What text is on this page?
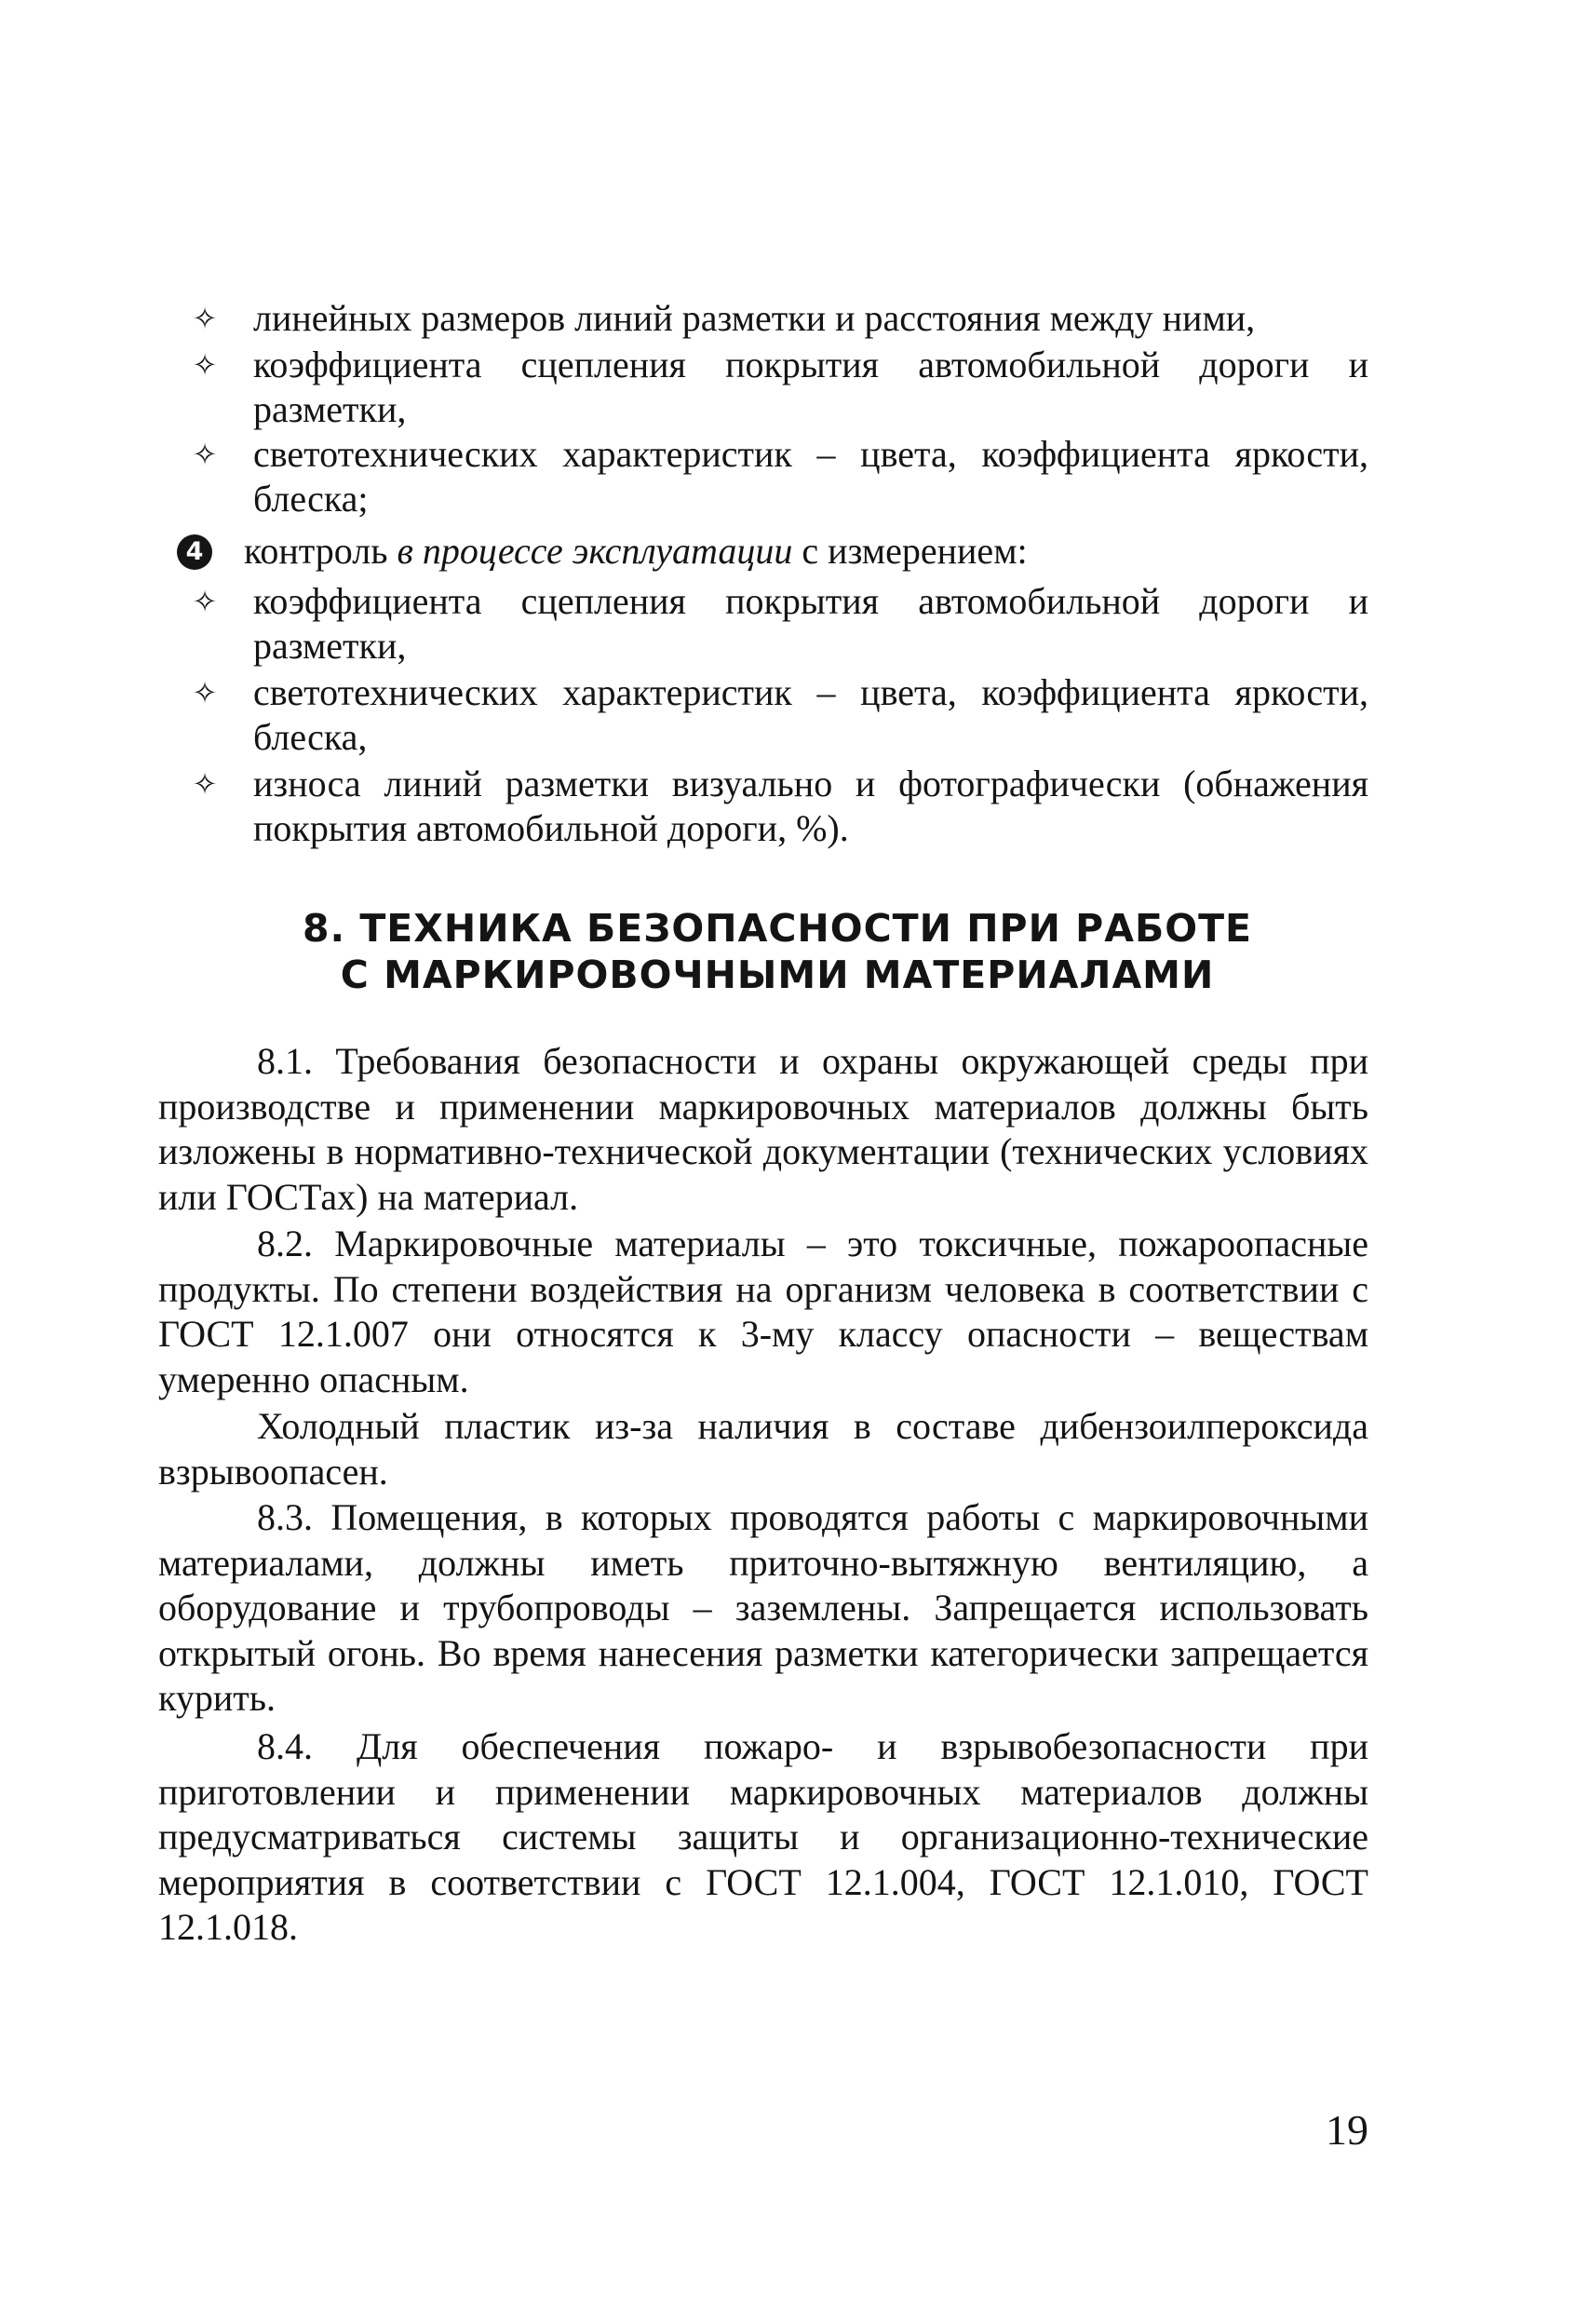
✧ линейных размеров линий разметки и расстояния между ними,
✧ коэффициента сцепления покрытия автомобильной дороги и разметки,
✧ светотехнических характеристик – цвета, коэффициента яркости, блеска;
4 контроль в процессе эксплуатации с измерением:
✧ коэффициента сцепления покрытия автомобильной дороги и разметки,
✧ светотехнических характеристик – цвета, коэффициента яркости, блеска,
✧ износа линий разметки визуально и фотографически (обнажения покрытия автомобильной дороги, %).
8. ТЕХНИКА БЕЗОПАСНОСТИ ПРИ РАБОТЕ
С МАРКИРОВОЧНЫМИ МАТЕРИАЛАМИ
8.1. Требования безопасности и охраны окружающей среды при производстве и применении маркировочных материалов должны быть изложены в нормативно-технической документации (технических условиях или ГОСТах) на материал.
8.2. Маркировочные материалы – это токсичные, пожароопасные продукты. По степени воздействия на организм человека в соответствии с ГОСТ 12.1.007 они относятся к 3-му классу опасности – веществам умеренно опасным.
Холодный пластик из-за наличия в составе дибензоилпероксида взрывоопасен.
8.3. Помещения, в которых проводятся работы с маркировочными материалами, должны иметь приточно-вытяжную вентиляцию, а оборудование и трубопроводы – заземлены. Запрещается использовать открытый огонь. Во время нанесения разметки категорически запрещается курить.
8.4. Для обеспечения пожаро- и взрывобезопасности при приготовлении и применении маркировочных материалов должны предусматриваться системы защиты и организационно-технические мероприятия в соответствии с ГОСТ 12.1.004, ГОСТ 12.1.010, ГОСТ 12.1.018.
19
